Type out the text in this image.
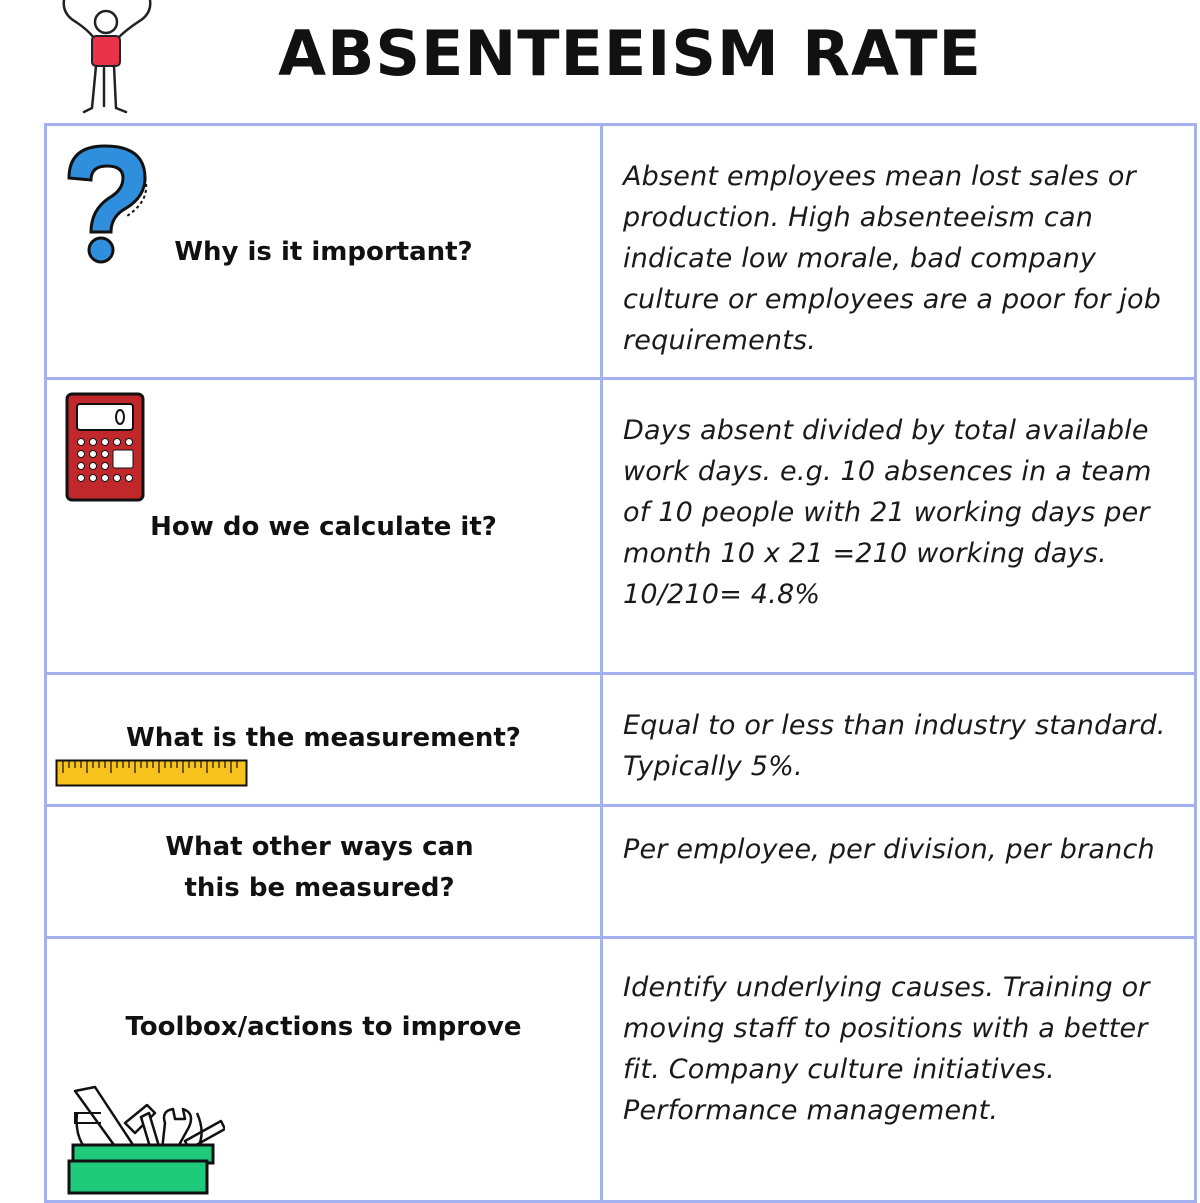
ABSENTEEISM RATE
Why is it important?	Absent employees mean lost sales or production. High absenteeism can indicate low morale, bad company culture or employees are a poor for job requirements.

How do we calculate it?	Days absent divided by total available work days. e.g. 10 absences in a team of 10 people with 21 working days per month 10 x 21 =210 working days. 10/210= 4.8%

What is the measurement?	Equal to or less than industry standard. Typically 5%.

What other ways can this be measured?	Per employee, per division, per branch

Toolbox/actions to improve	Identify underlying causes. Training or moving staff to positions with a better fit. Company culture initiatives. Performance management.
